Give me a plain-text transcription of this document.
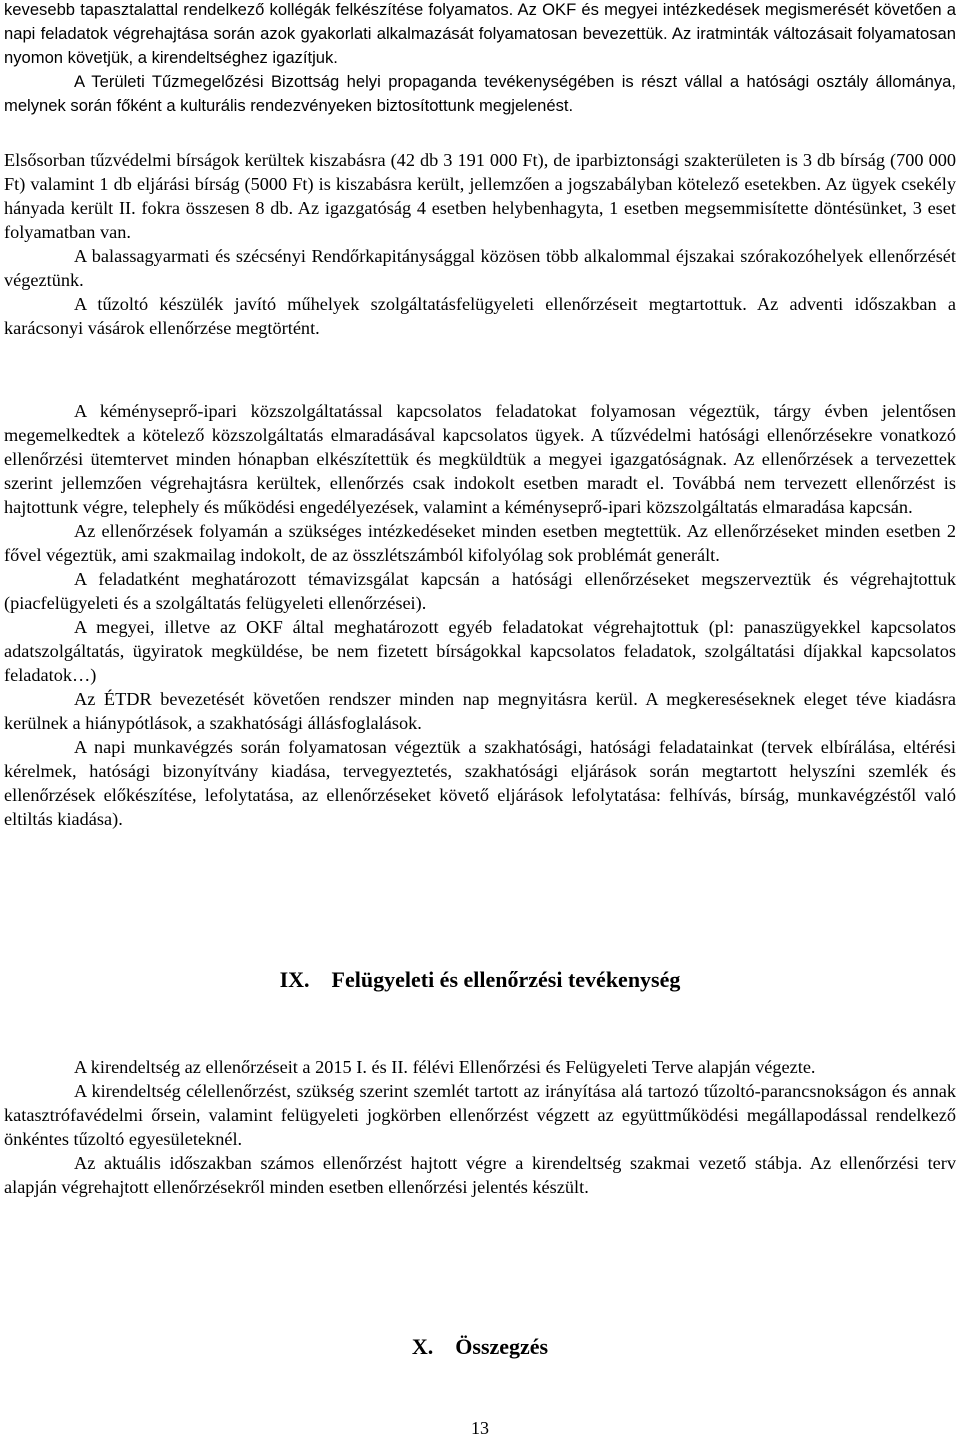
kevesebb tapasztalattal rendelkező kollégák felkészítése folyamatos. Az OKF és megyei intézkedések megismerését követően a napi feladatok végrehajtása során azok gyakorlati alkalmazását folyamatosan bevezettük. Az iratminták változásait folyamatosan nyomon követjük, a kirendeltséghez igazítjuk.

A Területi Tűzmegelőzési Bizottság helyi propaganda tevékenységében is részt vállal a hatósági osztály állománya, melynek során főként a kulturális rendezvényeken biztosítottunk megjelenést.

Elsősorban tűzvédelmi bírságok kerültek kiszabásra (42 db 3 191 000 Ft), de iparbiztonsági szakterületen is 3 db bírság (700 000 Ft) valamint 1 db eljárási bírság (5000 Ft) is kiszabásra került, jellemzően a jogszabályban kötelező esetekben. Az ügyek csekély hányada került II. fokra összesen 8 db. Az igazgatóság 4 esetben helybenhagyta, 1 esetben megsemmisítette döntésünket, 3 eset folyamatban van.

A balassagyarmati és szécsényi Rendőrkapitánysággal közösen több alkalommal éjszakai szórakozóhelyek ellenőrzését végeztünk.

A tűzoltó készülék javító műhelyek szolgáltatásfelügyeleti ellenőrzéseit megtartottuk. Az adventi időszakban a karácsonyi vásárok ellenőrzése megtörtént.

A kéményseprő-ipari közszolgáltatással kapcsolatos feladatokat folyamosan végeztük, tárgy évben jelentősen megemelkedtek a kötelező közszolgáltatás elmaradásával kapcsolatos ügyek. A tűzvédelmi hatósági ellenőrzésekre vonatkozó ellenőrzési ütemtervet minden hónapban elkészítettük és megküldtük a megyei igazgatóságnak. Az ellenőrzések a tervezettek szerint jellemzően végrehajtásra kerültek, ellenőrzés csak indokolt esetben maradt el. Továbbá nem tervezett ellenőrzést is hajtottunk végre, telephely és működési engedélyezések, valamint a kéményseprő-ipari közszolgáltatás elmaradása kapcsán.

Az ellenőrzések folyamán a szükséges intézkedéseket minden esetben megtettük. Az ellenőrzéseket minden esetben 2 fővel végeztük, ami szakmailag indokolt, de az összlétszámból kifolyólag sok problémát generált.

A feladatként meghatározott témavizsgálat kapcsán a hatósági ellenőrzéseket megszerveztük és végrehajtottuk (piacfelügyeleti és a szolgáltatás felügyeleti ellenőrzései).

A megyei, illetve az OKF által meghatározott egyéb feladatokat végrehajtottuk (pl: panaszügyekkel kapcsolatos adatszolgáltatás, ügyiratok megküldése, be nem fizetett bírságokkal kapcsolatos feladatok, szolgáltatási díjakkal kapcsolatos feladatok…)

Az ÉTDR bevezetését követően rendszer minden nap megnyitásra kerül. A megkereséseknek eleget téve kiadásra kerülnek a hiánypótlások, a szakhatósági állásfoglalások.

A napi munkavégzés során folyamatosan végeztük a szakhatósági, hatósági feladatainkat (tervek elbírálása, eltérési kérelmek, hatósági bizonyítvány kiadása, tervegyeztetés, szakhatósági eljárások során megtartott helyszíni szemlék és ellenőrzések előkészítése, lefolytatása, az ellenőrzéseket követő eljárások lefolytatása: felhívás, bírság, munkavégzéstől való eltiltás kiadása).

IX. Felügyeleti és ellenőrzési tevékenység

A kirendeltség az ellenőrzéseit a 2015 I. és II. félévi Ellenőrzési és Felügyeleti Terve alapján végezte.

A kirendeltség célellenőrzést, szükség szerint szemlét tartott az irányítása alá tartozó tűzoltó-parancsnokságon és annak katasztrófavédelmi őrsein, valamint felügyeleti jogkörben ellenőrzést végzett az együttműködési megállapodással rendelkező önkéntes tűzoltó egyesületeknél.

Az aktuális időszakban számos ellenőrzést hajtott végre a kirendeltség szakmai vezető stábja. Az ellenőrzési terv alapján végrehajtott ellenőrzésekről minden esetben ellenőrzési jelentés készült.

X. Összegzés
13
